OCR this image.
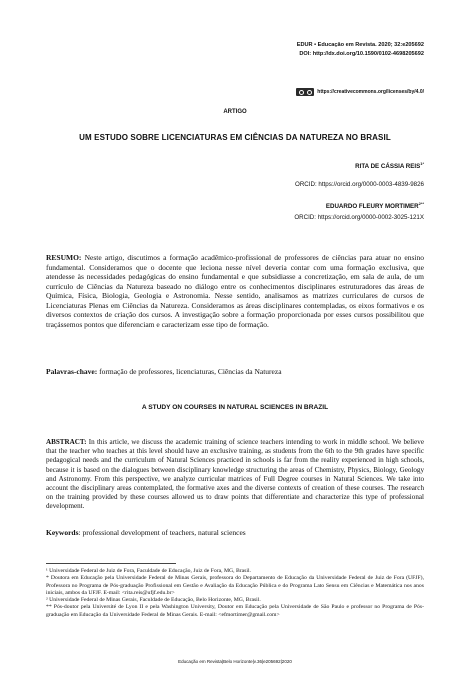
EDUR • Educação em Revista. 2020; 32:e205692
DOI: http://dx.doi.org/10.1590/0102-4698205692
https://creativecommons.org/licenses/by/4.0/
ARTIGO
UM ESTUDO SOBRE LICENCIATURAS EM CIÊNCIAS DA NATUREZA NO BRASIL
RITA DE CÁSSIA $REIS^{1*}$
ORCID: https://orcid.org/0000-0003-4839-9826
EDUARDO FLEURY $MORTIMER^{2**}$
ORCID: https://orcid.org/0000-0002-3025-121X
RESUMO: Neste artigo, discutimos a formação acadêmico-profissional de professores de ciências para atuar no ensino fundamental. Consideramos que o docente que leciona nesse nível deveria contar com uma formação exclusiva, que atendesse às necessidades pedagógicas do ensino fundamental e que subsidiasse a concretização, em sala de aula, de um currículo de Ciências da Natureza baseado no diálogo entre os conhecimentos disciplinares estruturadores das áreas de Química, Física, Biologia, Geologia e Astronomia. Nesse sentido, analisamos as matrizes curriculares de cursos de Licenciaturas Plenas em Ciências da Natureza. Consideramos as áreas disciplinares contempladas, os eixos formativos e os diversos contextos de criação dos cursos. A investigação sobre a formação proporcionada por esses cursos possibilitou que traçássemos pontos que diferenciam e caracterizam esse tipo de formação.
Palavras-chave: formação de professores, licenciaturas, Ciências da Natureza
A STUDY ON COURSES IN NATURAL SCIENCES IN BRAZIL
ABSTRACT: In this article, we discuss the academic training of science teachers intending to work in middle school. We believe that the teacher who teaches at this level should have an exclusive training, as students from the 6th to the 9th grades have specific pedagogical needs and the curriculum of Natural Sciences practiced in schools is far from the reality experienced in high schools, because it is based on the dialogues between disciplinary knowledge structuring the areas of Chemistry, Physics, Biology, Geology and Astronomy. From this perspective, we analyze curricular matrices of Full Degree courses in Natural Sciences. We take into account the disciplinary areas contemplated, the formative axes and the diverse contexts of creation of these courses. The research on the training provided by these courses allowed us to draw points that differentiate and characterize this type of professional development.
Keywords: professional development of teachers, natural sciences
¹ Universidade Federal de Juiz de Fora, Faculdade de Educação, Juiz de Fora, MG, Brasil.
* Doutora em Educação pela Universidade Federal de Minas Gerais, professora do Departamento de Educação da Universidade Federal de Juiz de Fora (UFJF), Professora no Programa de Pós-graduação Profissional em Gestão e Avaliação da Educação Pública e do Programa Lato Sensu em Ciências e Matemática nos anos iniciais, ambos da UFJF. E-mail: <rita.reis@ufjf.edu.br>
² Universidade Federal de Minas Gerais, Faculdade de Educação, Belo Horizonte, MG, Brasil.
** Pós-doutor pela Université de Lyon II e pela Washington University, Doutor em Educação pela Universidade de São Paulo e professor no Programa de Pós-graduação em Educação da Universidade Federal de Minas Gerais. E-mail: <efmortimer@gmail.com>
Educação em Revista|Belo Horizonte|v.36|e205692|2020
